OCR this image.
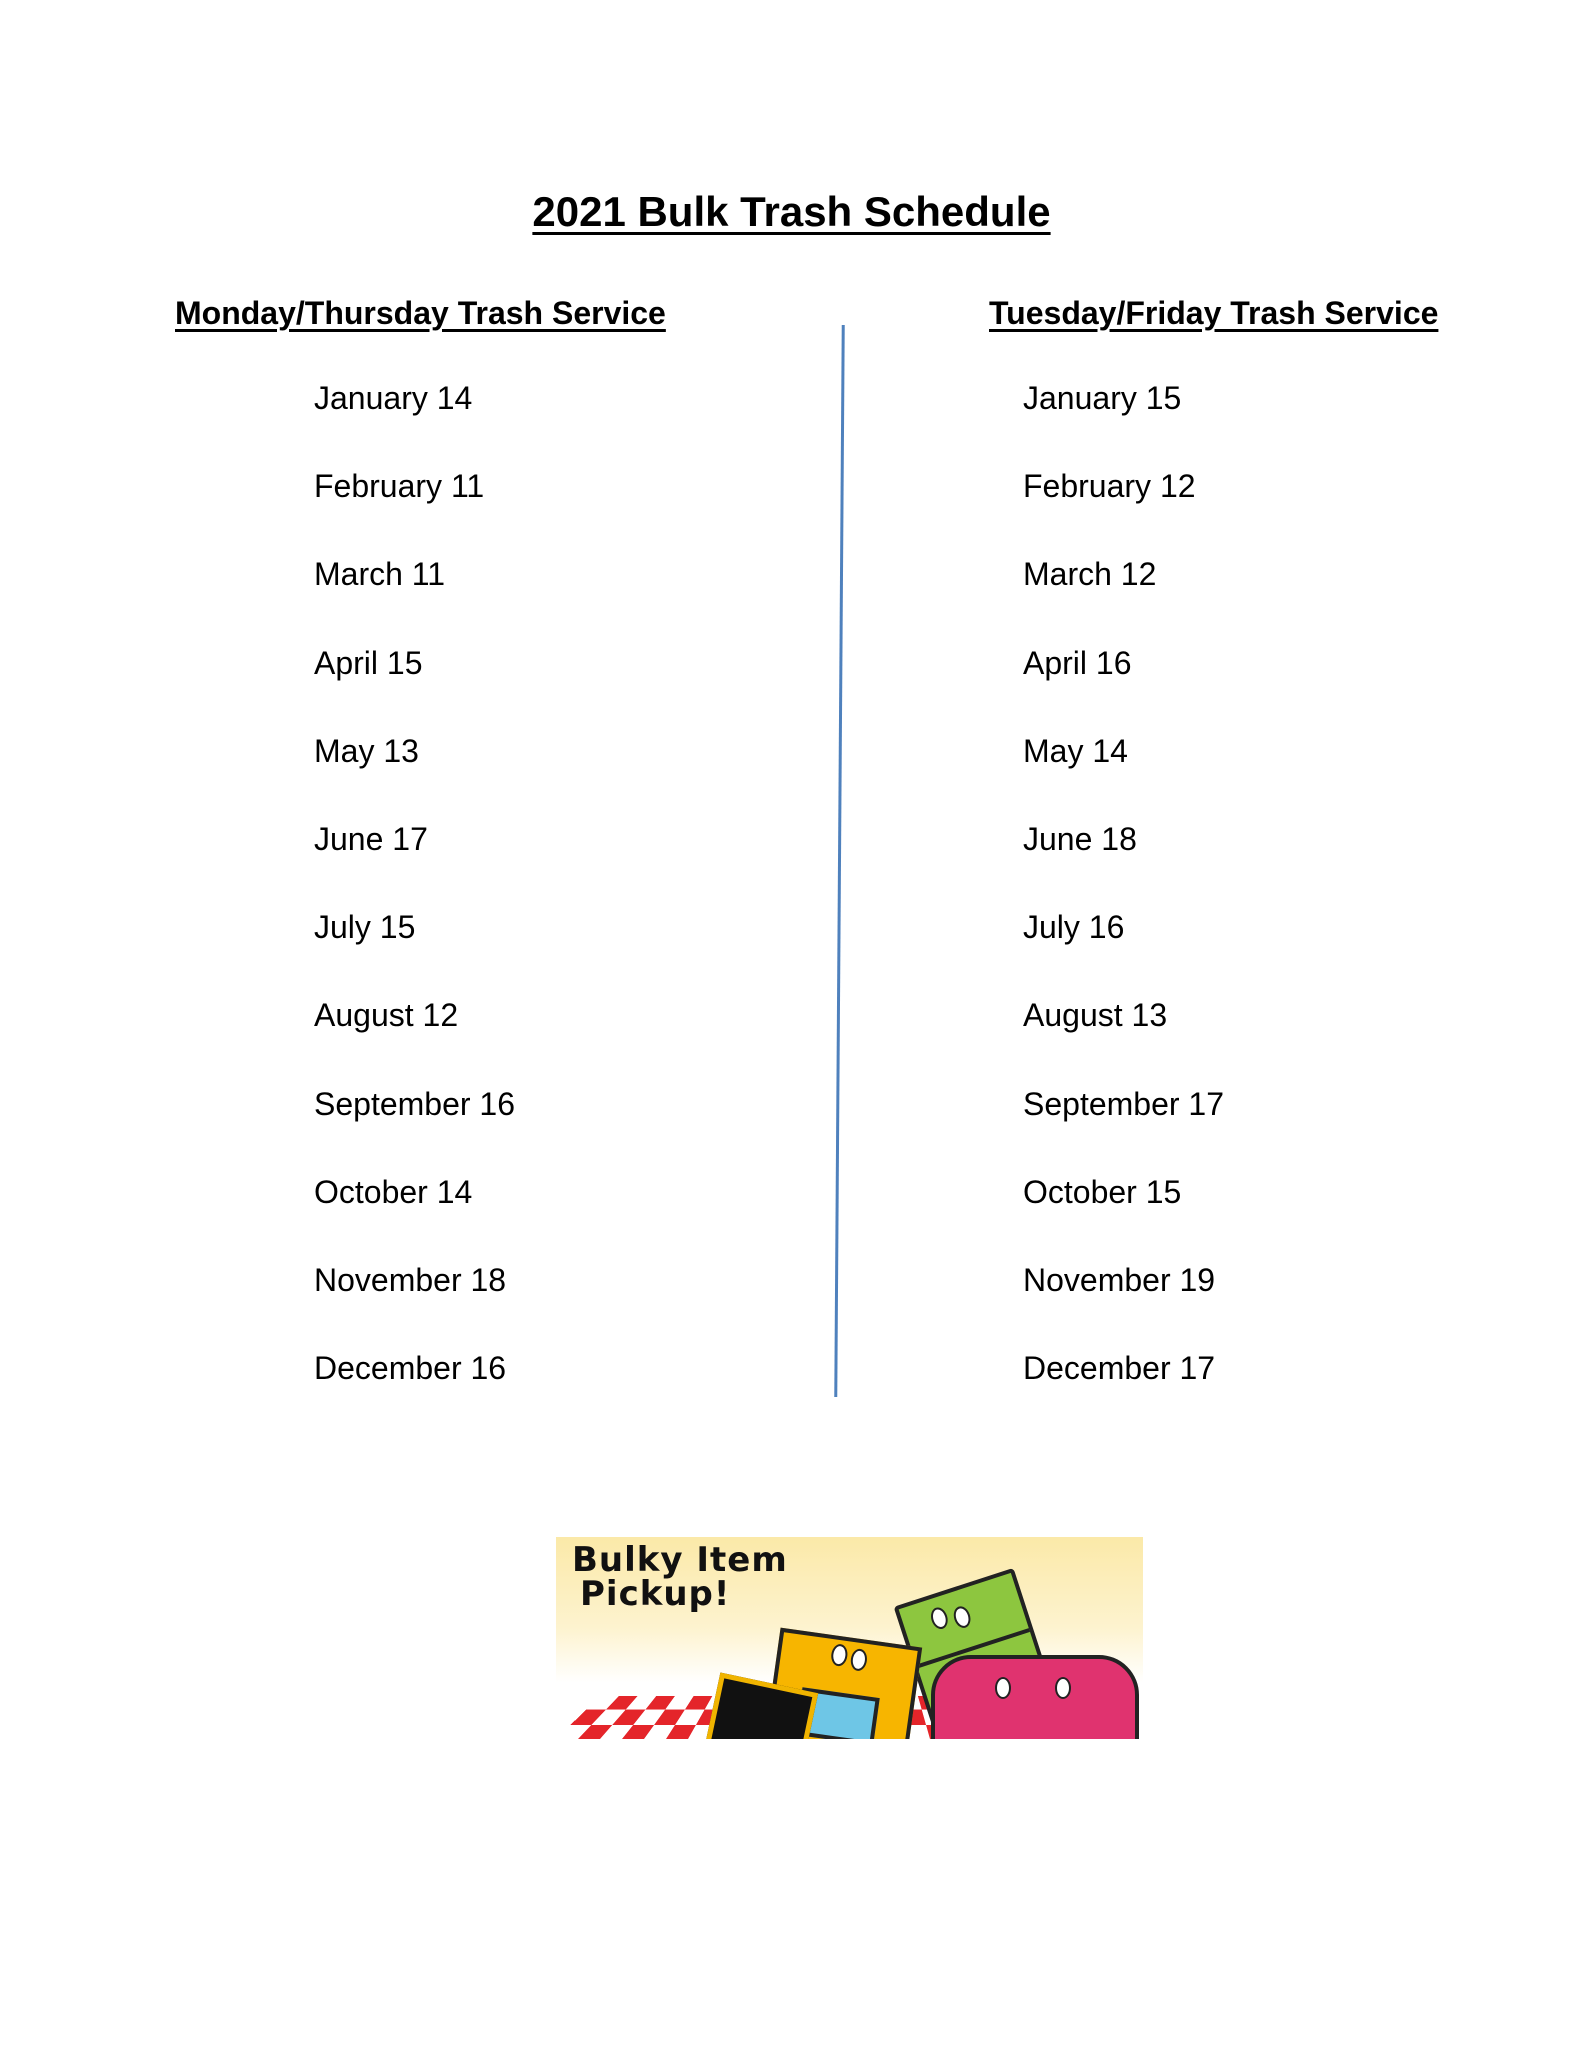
2021 Bulk Trash Schedule
Monday/Thursday Trash Service	Tuesday/Friday Trash Service
January 14
February 11
March 11
April 15
May 13
June 17
July 15
August 12
September 16
October 14
November 18
December 16
January 15
February 12
March 12
April 16
May 14
June 18
July 16
August 13
September 17
October 15
November 19
December 17
Bulky Item
Pickup!
